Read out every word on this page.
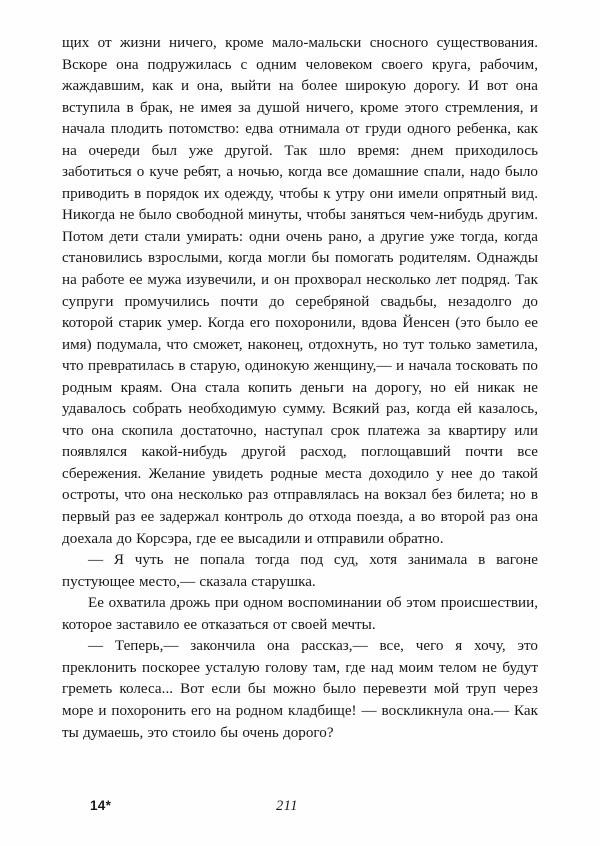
щих от жизни ничего, кроме мало-мальски сносного существования. Вскоре она подружилась с одним человеком своего круга, рабочим, жаждавшим, как и она, выйти на более широкую дорогу. И вот она вступила в брак, не имея за душой ничего, кроме этого стремления, и начала плодить потомство: едва отнимала от груди одного ребенка, как на очереди был уже другой. Так шло время: днем приходилось заботиться о куче ребят, а ночью, когда все домашние спали, надо было приводить в порядок их одежду, чтобы к утру они имели опрятный вид. Никогда не было свободной минуты, чтобы заняться чем-нибудь другим. Потом дети стали умирать: одни очень рано, а другие уже тогда, когда становились взрослыми, когда могли бы помогать родителям. Однажды на работе ее мужа изувечили, и он прохворал несколько лет подряд. Так супруги промучились почти до серебряной свадьбы, незадолго до которой старик умер. Когда его похоронили, вдова Йенсен (это было ее имя) подумала, что сможет, наконец, отдохнуть, но тут только заметила, что превратилась в старую, одинокую женщину,— и начала тосковать по родным краям. Она стала копить деньги на дорогу, но ей никак не удавалось собрать необходимую сумму. Всякий раз, когда ей казалось, что она скопила достаточно, наступал срок платежа за квартиру или появлялся какой-нибудь другой расход, поглощавший почти все сбережения. Желание увидеть родные места доходило у нее до такой остроты, что она несколько раз отправлялась на вокзал без билета; но в первый раз ее задержал контроль до отхода поезда, а во второй раз она доехала до Корсэра, где ее высадили и отправили обратно.

— Я чуть не попала тогда под суд, хотя занимала в вагоне пустующее место,— сказала старушка.

Ее охватила дрожь при одном воспоминании об этом происшествии, которое заставило ее отказаться от своей мечты.

— Теперь,— закончила она рассказ,— все, чего я хочу, это преклонить поскорее усталую голову там, где над моим телом не будут греметь колеса... Вот если бы можно было перевезти мой труп через море и похоронить его на родном кладбище! — воскликнула она.— Как ты думаешь, это стоило бы очень дорого?

14*	211
